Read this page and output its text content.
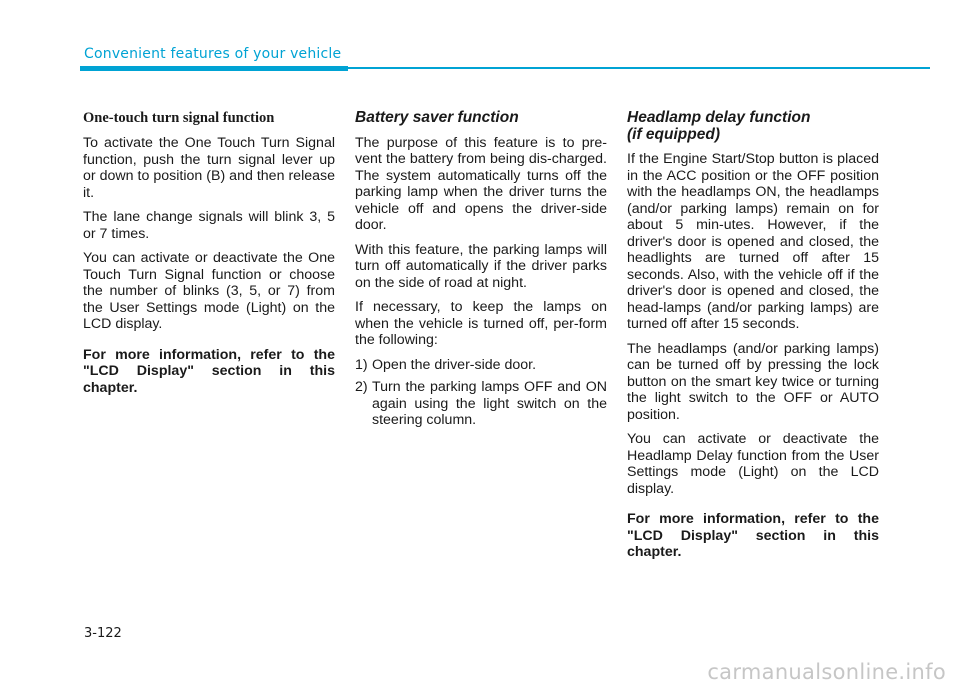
Convenient features of your vehicle

One-touch turn signal function

To activate the One Touch Turn Signal function, push the turn signal lever up or down to position (B) and then release it.

The lane change signals will blink 3, 5 or 7 times.

You can activate or deactivate the One Touch Turn Signal function or choose the number of blinks (3, 5, or 7) from the User Settings mode (Light) on the LCD display.

For more information, refer to the "LCD Display" section in this chapter.

Battery saver function

The purpose of this feature is to pre-vent the battery from being dis-charged. The system automatically turns off the parking lamp when the driver turns the vehicle off and opens the driver-side door.

With this feature, the parking lamps will turn off automatically if the driver parks on the side of road at night.

If necessary, to keep the lamps on when the vehicle is turned off, per-form the following:

1) Open the driver-side door.
2) Turn the parking lamps OFF and ON again using the light switch on the steering column.

Headlamp delay function
(if equipped)

If the Engine Start/Stop button is placed in the ACC position or the OFF position with the headlamps ON, the headlamps (and/or parking lamps) remain on for about 5 min-utes. However, if the driver's door is opened and closed, the headlights are turned off after 15 seconds. Also, with the vehicle off if the driver's door is opened and closed, the head-lamps (and/or parking lamps) are turned off after 15 seconds.

The headlamps (and/or parking lamps) can be turned off by pressing the lock button on the smart key twice or turning the light switch to the OFF or AUTO position.

You can activate or deactivate the Headlamp Delay function from the User Settings mode (Light) on the LCD display.

For more information, refer to the "LCD Display" section in this chapter.

3-122
carmanualsonline.info
